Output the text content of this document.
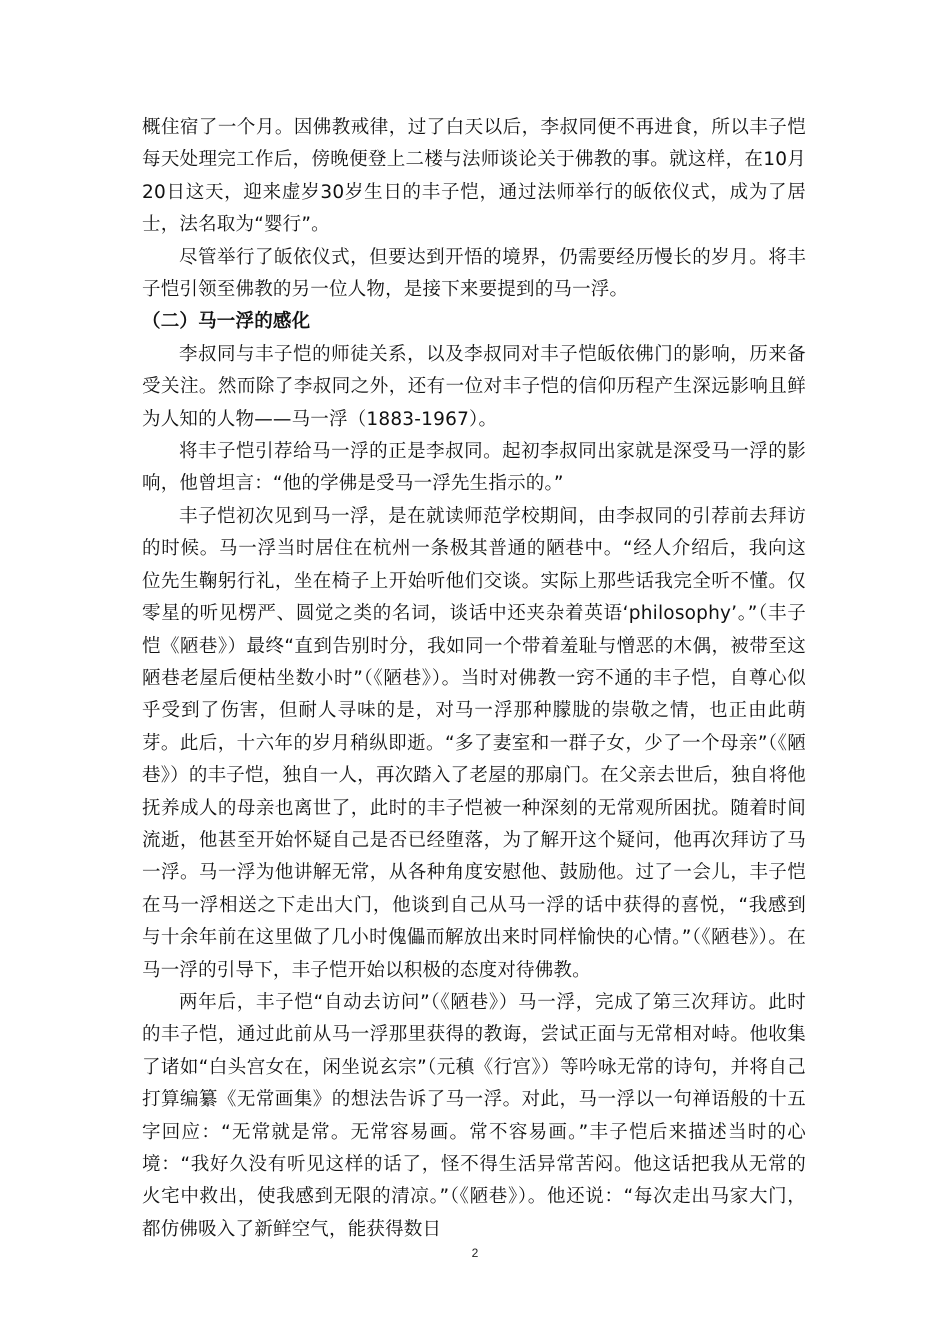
概住宿了一个月。因佛教戒律，过了白天以后，李叔同便不再进食，所以丰子恺每天处理完工作后，傍晚便登上二楼与法师谈论关于佛教的事。就这样，在10月20日这天，迎来虚岁30岁生日的丰子恺，通过法师举行的皈依仪式，成为了居士，法名取为“婴行”。

尽管举行了皈依仪式，但要达到开悟的境界，仍需要经历慢长的岁月。将丰子恺引领至佛教的另一位人物，是接下来要提到的马一浮。

（二）马一浮的感化

李叔同与丰子恺的师徒关系，以及李叔同对丰子恺皈依佛门的影响，历来备受关注。然而除了李叔同之外，还有一位对丰子恺的信仰历程产生深远影响且鲜为人知的人物——马一浮（1883-1967）。

将丰子恺引荐给马一浮的正是李叔同。起初李叔同出家就是深受马一浮的影响，他曾坦言：“他的学佛是受马一浮先生指示的。”

丰子恺初次见到马一浮，是在就读师范学校期间，由李叔同的引荐前去拜访的时候。马一浮当时居住在杭州一条极其普通的陋巷中。“经人介绍后，我向这位先生鞠躬行礼，坐在椅子上开始听他们交谈。实际上那些话我完全听不懂。仅零星的听见楞严、圆觉之类的名词，谈话中还夹杂着英语‘philosophy’。”（丰子恺《陋巷》）最终“直到告别时分，我如同一个带着羞耻与憎恶的木偶，被带至这陋巷老屋后便枯坐数小时”（《陋巷》）。当时对佛教一窍不通的丰子恺，自尊心似乎受到了伤害，但耐人寻味的是，对马一浮那种朦胧的崇敬之情，也正由此萌芽。此后，十六年的岁月稍纵即逝。“多了妻室和一群子女，少了一个母亲”（《陋巷》）的丰子恺，独自一人，再次踏入了老屋的那扇门。在父亲去世后，独自将他抚养成人的母亲也离世了，此时的丰子恺被一种深刻的无常观所困扰。随着时间流逝，他甚至开始怀疑自己是否已经堕落，为了解开这个疑问，他再次拜访了马一浮。马一浮为他讲解无常，从各种角度安慰他、鼓励他。过了一会儿，丰子恺在马一浮相送之下走出大门，他谈到自己从马一浮的话中获得的喜悦，“我感到与十余年前在这里做了几小时傀儡而解放出来时同样愉快的心情。”（《陋巷》）。在马一浮的引导下，丰子恺开始以积极的态度对待佛教。

两年后，丰子恺“自动去访问”（《陋巷》）马一浮，完成了第三次拜访。此时的丰子恺，通过此前从马一浮那里获得的教诲，尝试正面与无常相对峙。他收集了诸如“白头宫女在，闲坐说玄宗”（元稹《行宫》）等吟咏无常的诗句，并将自己打算编纂《无常画集》的想法告诉了马一浮。对此，马一浮以一句禅语般的十五字回应：“无常就是常。无常容易画。常不容易画。”丰子恺后来描述当时的心境：“我好久没有听见这样的话了，怪不得生活异常苦闷。他这话把我从无常的火宅中救出，使我感到无限的清凉。”（《陋巷》）。他还说：“每次走出马家大门，都仿佛吸入了新鲜空气，能获得数日

2
